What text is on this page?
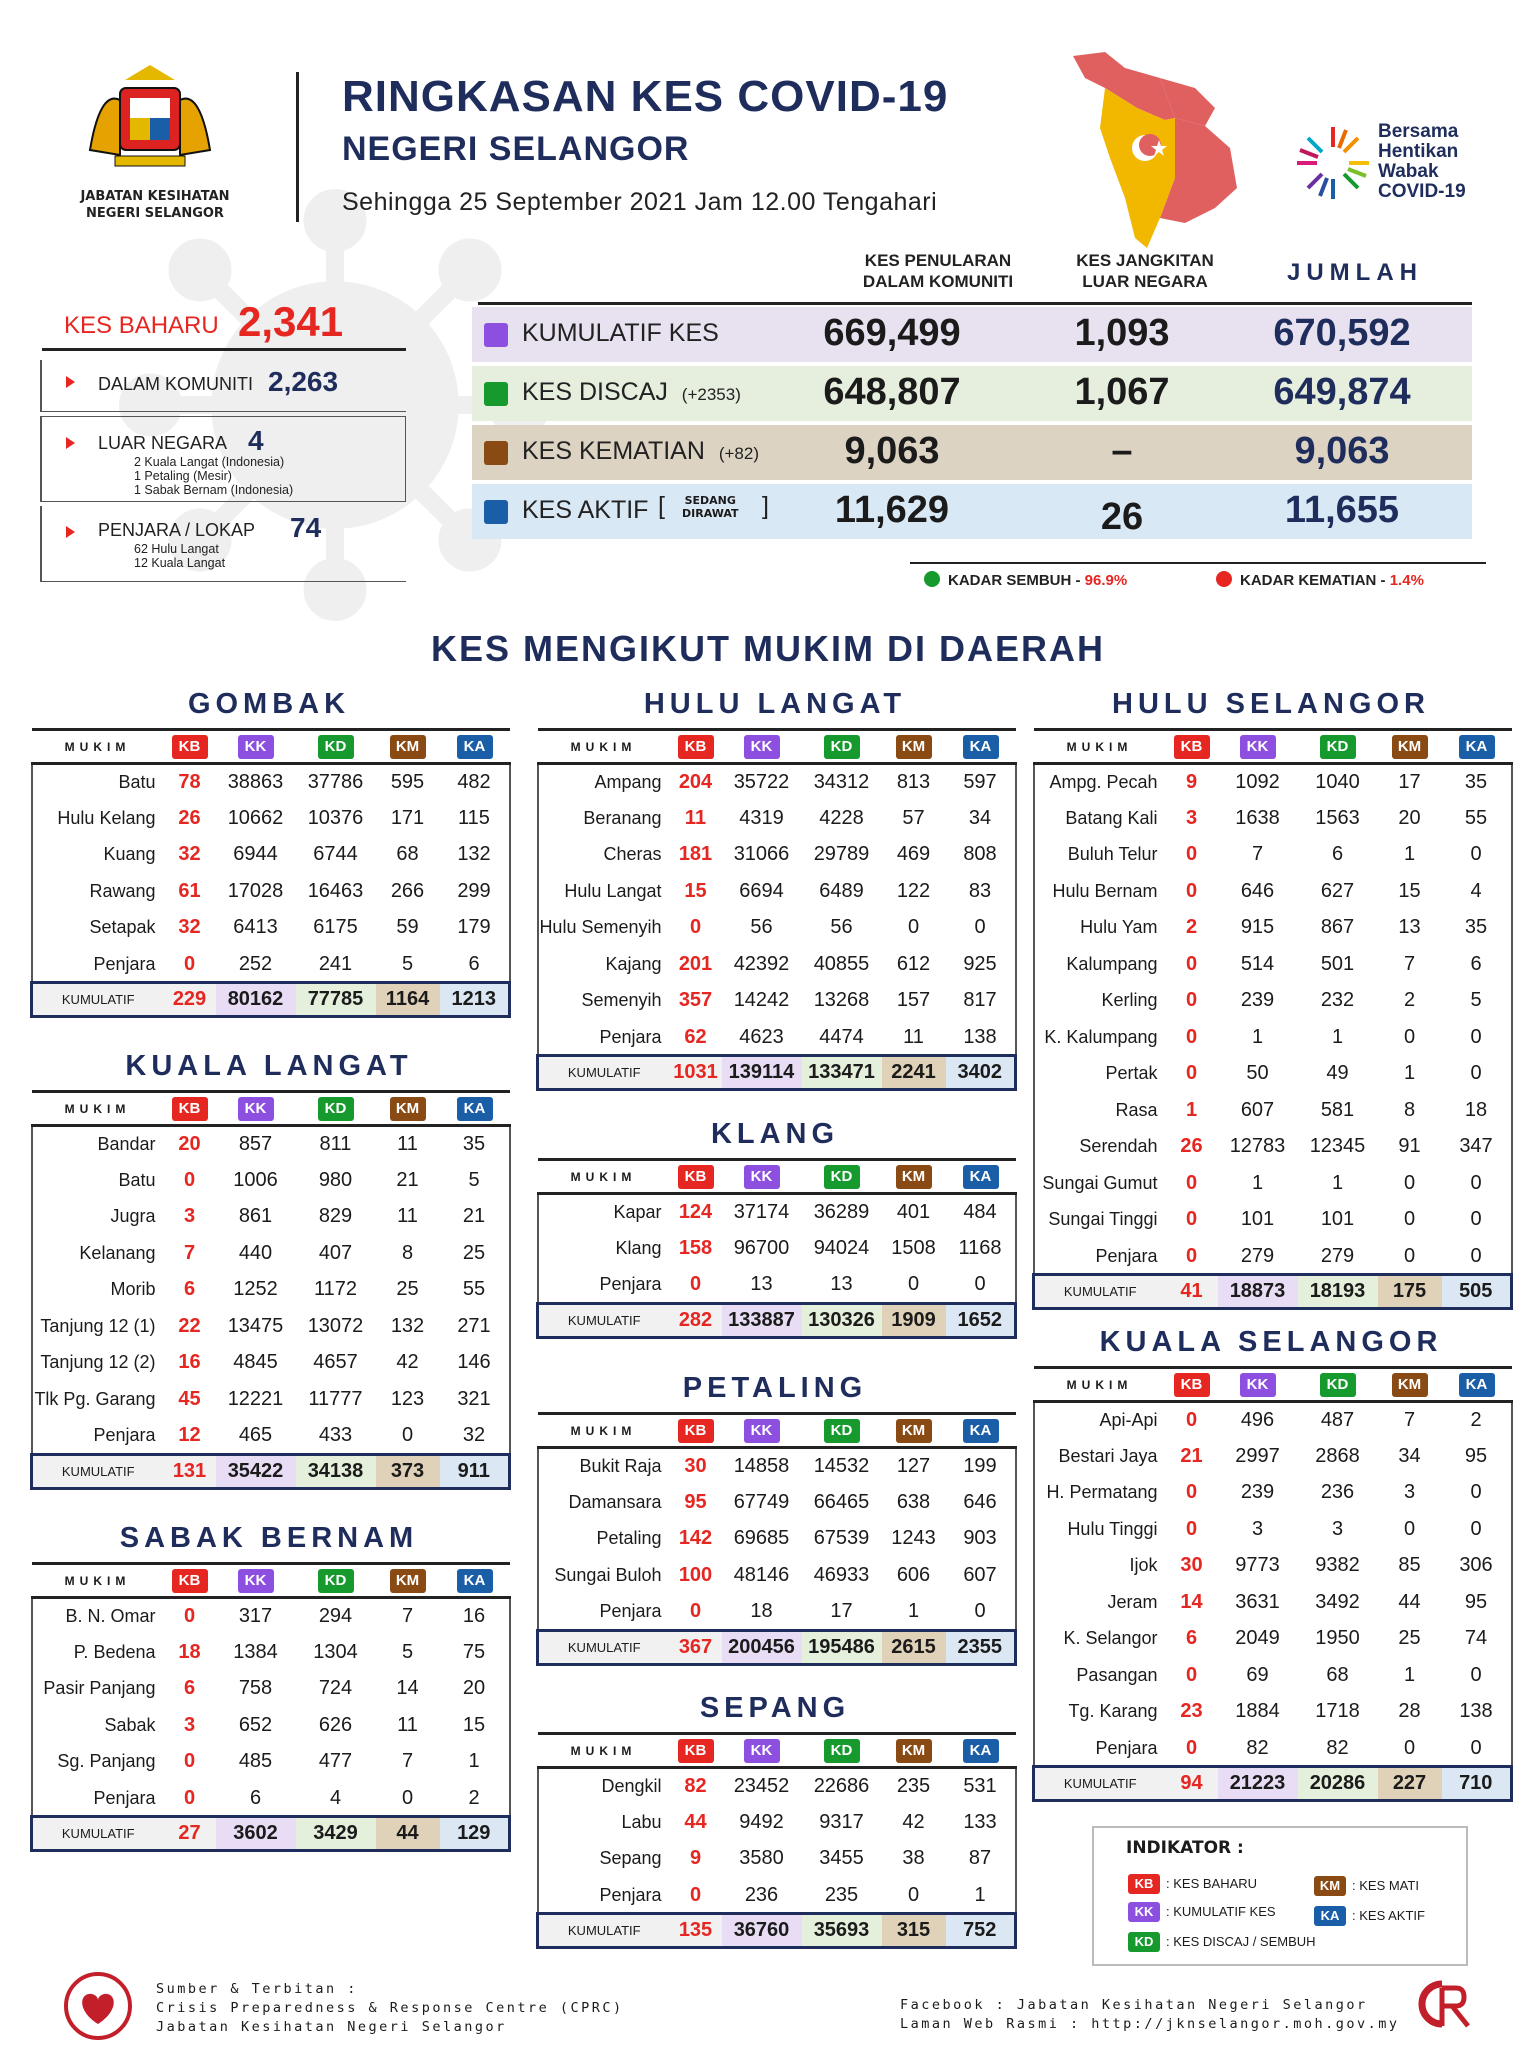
JABATAN KESIHATAN
NEGERI SELANGOR
RINGKASAN KES COVID-19
NEGERI SELANGOR
Sehingga 25 September 2021 Jam 12.00 Tengahari
Bersama
Hentikan
Wabak
COVID-19
KES BAHARU 2,341
DALAM KOMUNITI 2,263
LUAR NEGARA 4
2 Kuala Langat (Indonesia)
1 Petaling (Mesir)
1 Sabak Bernam (Indonesia)
PENJARA / LOKAP 74
62 Hulu Langat
12 Kuala Langat
KES PENULARAN
DALAM KOMUNITI
KES JANGKITAN
LUAR NEGARA	JUMLAH
KUMULATIF KES	669,499	1,093	670,592
KES DISCAJ (+2353)	648,807	1,067	649,874
KES KEMATIAN (+82)	9,063	–	9,063
KES AKTIF [ SEDANG
DIRAWAT ]	11,629	26	11,655
KADAR SEMBUH - 96.9%	KADAR KEMATIAN - 1.4%
KES MENGIKUT MUKIM DI DAERAH
GOMBAK
MUKIM	KB	KK	KD	KM	KA
Batu	78	38863	37786	595	482
Hulu Kelang	26	10662	10376	171	115
Kuang	32	6944	6744	68	132
Rawang	61	17028	16463	266	299
Setapak	32	6413	6175	59	179
Penjara	0	252	241	5	6
KUMULATIF	229	80162	77785	1164	1213
KUALA LANGAT
MUKIM	KB	KK	KD	KM	KA
Bandar	20	857	811	11	35
Batu	0	1006	980	21	5
Jugra	3	861	829	11	21
Kelanang	7	440	407	8	25
Morib	6	1252	1172	25	55
Tanjung 12 (1)	22	13475	13072	132	271
Tanjung 12 (2)	16	4845	4657	42	146
Tlk Pg. Garang	45	12221	11777	123	321
Penjara	12	465	433	0	32
KUMULATIF	131	35422	34138	373	911
SABAK BERNAM
MUKIM	KB	KK	KD	KM	KA
B. N. Omar	0	317	294	7	16
P. Bedena	18	1384	1304	5	75
Pasir Panjang	6	758	724	14	20
Sabak	3	652	626	11	15
Sg. Panjang	0	485	477	7	1
Penjara	0	6	4	0	2
KUMULATIF	27	3602	3429	44	129
HULU LANGAT
MUKIM	KB	KK	KD	KM	KA
Ampang	204	35722	34312	813	597
Beranang	11	4319	4228	57	34
Cheras	181	31066	29789	469	808
Hulu Langat	15	6694	6489	122	83
Hulu Semenyih	0	56	56	0	0
Kajang	201	42392	40855	612	925
Semenyih	357	14242	13268	157	817
Penjara	62	4623	4474	11	138
KUMULATIF	1031	139114	133471	2241	3402
KLANG
MUKIM	KB	KK	KD	KM	KA
Kapar	124	37174	36289	401	484
Klang	158	96700	94024	1508	1168
Penjara	0	13	13	0	0
KUMULATIF	282	133887	130326	1909	1652
PETALING
MUKIM	KB	KK	KD	KM	KA
Bukit Raja	30	14858	14532	127	199
Damansara	95	67749	66465	638	646
Petaling	142	69685	67539	1243	903
Sungai Buloh	100	48146	46933	606	607
Penjara	0	18	17	1	0
KUMULATIF	367	200456	195486	2615	2355
SEPANG
MUKIM	KB	KK	KD	KM	KA
Dengkil	82	23452	22686	235	531
Labu	44	9492	9317	42	133
Sepang	9	3580	3455	38	87
Penjara	0	236	235	0	1
KUMULATIF	135	36760	35693	315	752
HULU SELANGOR
MUKIM	KB	KK	KD	KM	KA
Ampg. Pecah	9	1092	1040	17	35
Batang Kali	3	1638	1563	20	55
Buluh Telur	0	7	6	1	0
Hulu Bernam	0	646	627	15	4
Hulu Yam	2	915	867	13	35
Kalumpang	0	514	501	7	6
Kerling	0	239	232	2	5
K. Kalumpang	0	1	1	0	0
Pertak	0	50	49	1	0
Rasa	1	607	581	8	18
Serendah	26	12783	12345	91	347
Sungai Gumut	0	1	1	0	0
Sungai Tinggi	0	101	101	0	0
Penjara	0	279	279	0	0
KUMULATIF	41	18873	18193	175	505
KUALA SELANGOR
MUKIM	KB	KK	KD	KM	KA
Api-Api	0	496	487	7	2
Bestari Jaya	21	2997	2868	34	95
H. Permatang	0	239	236	3	0
Hulu Tinggi	0	3	3	0	0
Ijok	30	9773	9382	85	306
Jeram	14	3631	3492	44	95
K. Selangor	6	2049	1950	25	74
Pasangan	0	69	68	1	0
Tg. Karang	23	1884	1718	28	138
Penjara	0	82	82	0	0
KUMULATIF	94	21223	20286	227	710
INDIKATOR :
KB : KES BAHARU
KK : KUMULATIF KES
KD : KES DISCAJ / SEMBUH
KM : KES MATI
KA : KES AKTIF
Sumber & Terbitan :
Crisis Preparedness & Response Centre (CPRC)
Jabatan Kesihatan Negeri Selangor
Facebook : Jabatan Kesihatan Negeri Selangor
Laman Web Rasmi : http://jknselangor.moh.gov.my
